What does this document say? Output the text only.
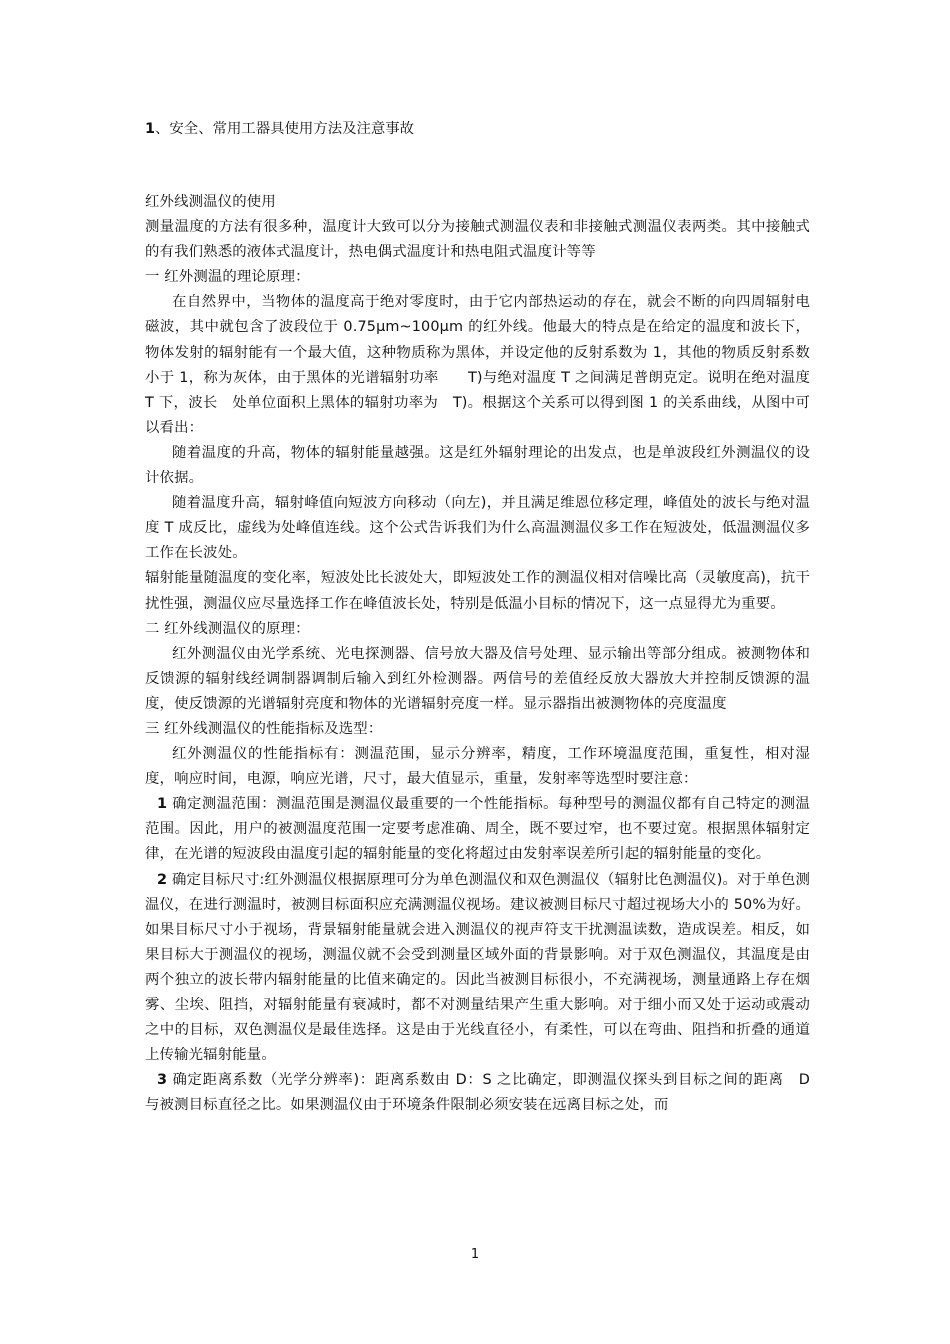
1、安全、常用工器具使用方法及注意事故

红外线测温仪的使用

测量温度的方法有很多种，温度计大致可以分为接触式测温仪表和非接触式测温仪表两类。其中接触式的有我们熟悉的液体式温度计，热电偶式温度计和热电阻式温度计等等

一 红外测温的理论原理：

在自然界中，当物体的温度高于绝对零度时，由于它内部热运动的存在，就会不断的向四周辐射电磁波，其中就包含了波段位于 0.75μm~100μm 的红外线。他最大的特点是在给定的温度和波长下，物体发射的辐射能有一个最大值，这种物质称为黑体，并设定他的反射系数为 1，其他的物质反射系数小于 1，称为灰体，由于黑体的光谱辐射功率　　T)与绝对温度 T 之间满足普朗克定。说明在绝对温度 T 下，波长　处单位面积上黑体的辐射功率为　T)。根据这个关系可以得到图 1 的关系曲线，从图中可以看出：

随着温度的升高，物体的辐射能量越强。这是红外辐射理论的出发点，也是单波段红外测温仪的设计依据。

随着温度升高，辐射峰值向短波方向移动（向左)，并且满足维恩位移定理，峰值处的波长与绝对温度 T 成反比，虚线为处峰值连线。这个公式告诉我们为什么高温测温仪多工作在短波处，低温测温仪多工作在长波处。

辐射能量随温度的变化率，短波处比长波处大，即短波处工作的测温仪相对信噪比高（灵敏度高)，抗干扰性强，测温仪应尽量选择工作在峰值波长处，特别是低温小目标的情况下，这一点显得尤为重要。

二 红外线测温仪的原理：

红外测温仪由光学系统、光电探测器、信号放大器及信号处理、显示输出等部分组成。被测物体和反馈源的辐射线经调制器调制后输入到红外检测器。两信号的差值经反放大器放大并控制反馈源的温度，使反馈源的光谱辐射亮度和物体的光谱辐射亮度一样。显示器指出被测物体的亮度温度

三 红外线测温仪的性能指标及选型：

红外测温仪的性能指标有：测温范围，显示分辨率，精度，工作环境温度范围，重复性，相对湿度，响应时间，电源，响应光谱，尺寸，最大值显示，重量，发射率等选型时要注意：

1 确定测温范围：测温范围是测温仪最重要的一个性能指标。每种型号的测温仪都有自己特定的测温范围。因此，用户的被测温度范围一定要考虑准确、周全，既不要过窄，也不要过宽。根据黑体辐射定律，在光谱的短波段由温度引起的辐射能量的变化将超过由发射率误差所引起的辐射能量的变化。

2 确定目标尺寸:红外测温仪根据原理可分为单色测温仪和双色测温仪（辐射比色测温仪)。对于单色测温仪，在进行测温时，被测目标面积应充满测温仪视场。建议被测目标尺寸超过视场大小的 50%为好。如果目标尺寸小于视场，背景辐射能量就会进入测温仪的视声符支干扰测温读数，造成误差。相反，如果目标大于测温仪的视场，测温仪就不会受到测量区域外面的背景影响。对于双色测温仪，其温度是由两个独立的波长带内辐射能量的比值来确定的。因此当被测目标很小，不充满视场，测量通路上存在烟雾、尘埃、阻挡，对辐射能量有衰减时，都不对测量结果产生重大影响。对于细小而又处于运动或震动之中的目标，双色测温仪是最佳选择。这是由于光线直径小，有柔性，可以在弯曲、阻挡和折叠的通道上传输光辐射能量。

3 确定距离系数（光学分辨率)：距离系数由 D：S 之比确定，即测温仪探头到目标之间的距离　D　与被测目标直径之比。如果测温仪由于环境条件限制必须安装在远离目标之处，而

1
